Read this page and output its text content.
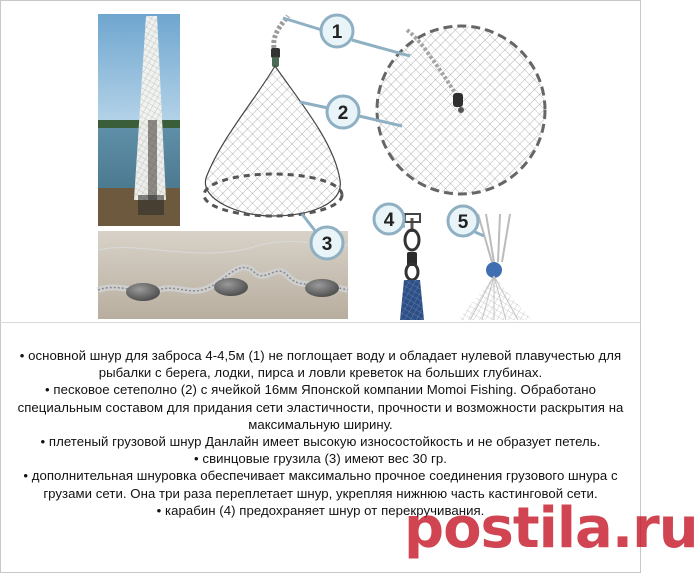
1
2
3
4	5

• основной шнур для заброса 4-4,5м (1) не поглощает воду и обладает нулевой плавучестью для рыбалки с берега, лодки, пирса и ловли креветок на больших глубинах.

• песковое сетеполно (2) с ячейкой 16мм Японской компании Momoi Fishing. Обработано специальным составом для придания сети эластичности, прочности и возможности раскрытия на максимальную ширину.

• плетеный грузовой шнур Данлайн имеет высокую износостойкость и не образует петель.

• свинцовые грузила (3) имеют вес 30 гр.

• дополнительная шнуровка обеспечивает максимально прочное соединения грузового шнура с грузами сети. Она три раза переплетает шнур, укрепляя нижнюю часть кастинговой сети.

• карабин (4) предохраняет шнур от перекручивания.

postila.ru
